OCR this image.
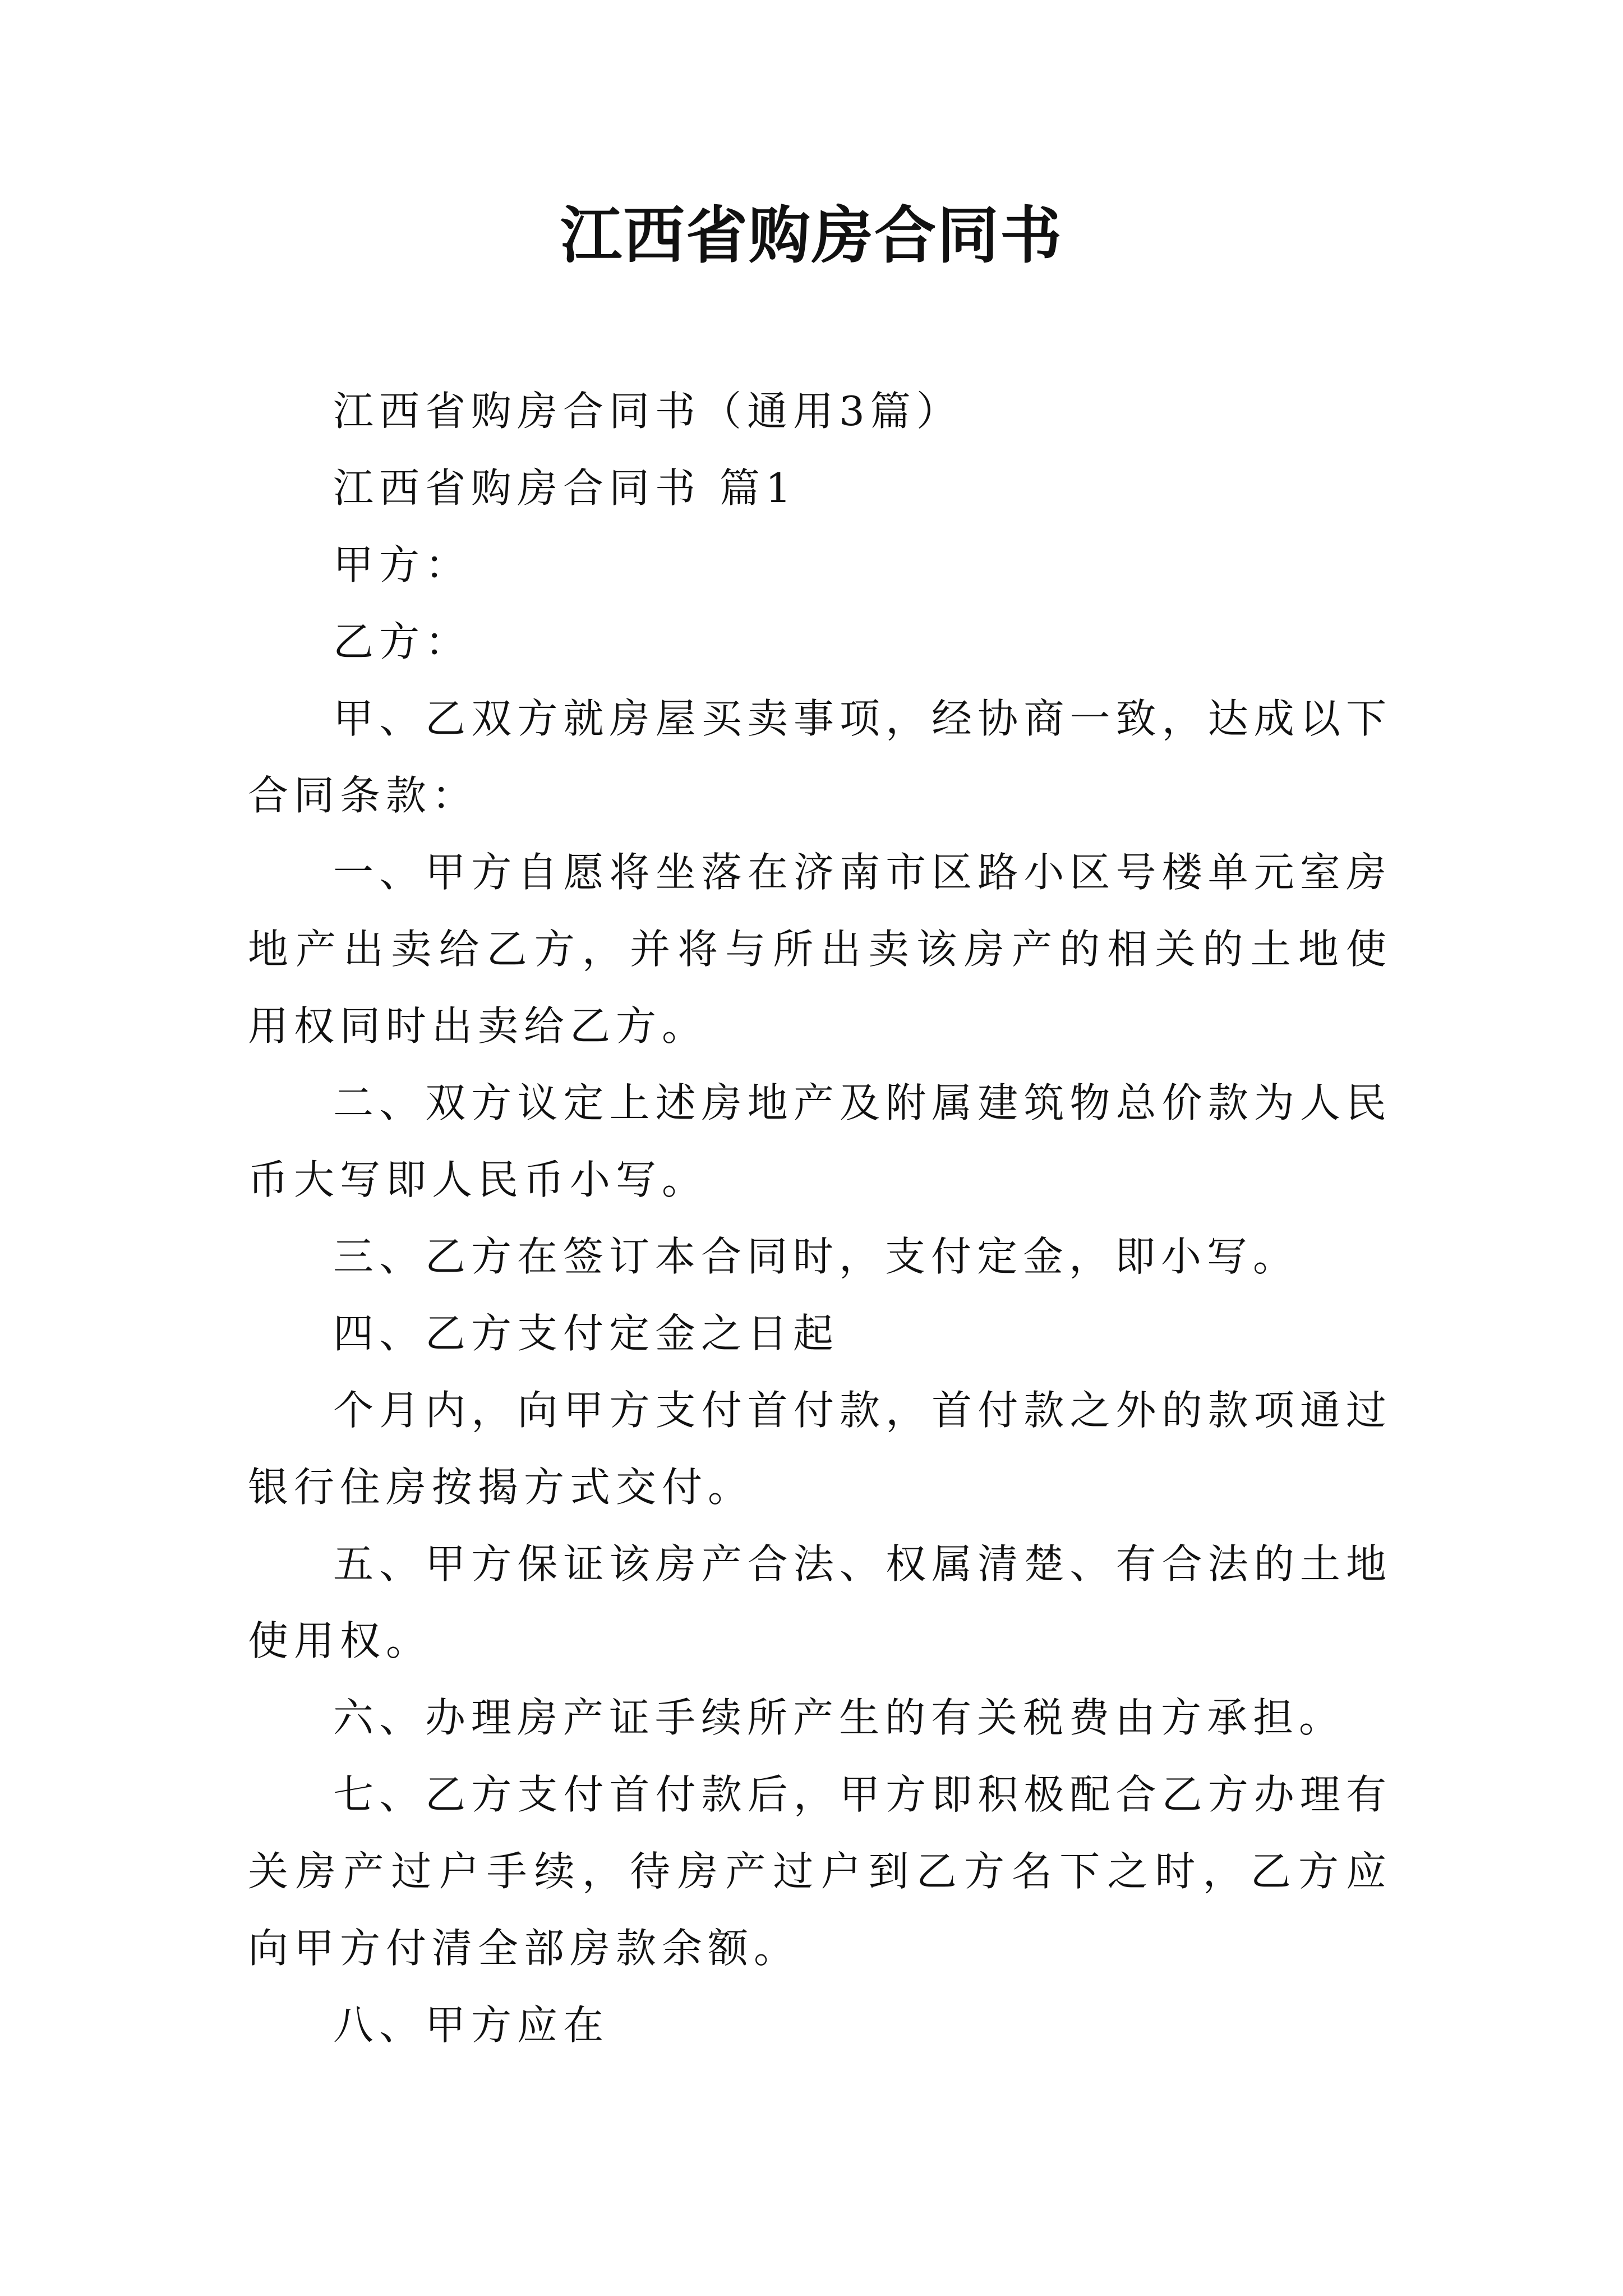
江西省购房合同书

江西省购房合同书（通用3篇）

江西省购房合同书 篇1

甲方：

乙方：

甲、乙双方就房屋买卖事项，经协商一致，达成以下合同条款：

一、甲方自愿将坐落在济南市区路小区号楼单元室房地产出卖给乙方，并将与所出卖该房产的相关的土地使用权同时出卖给乙方。

二、双方议定上述房地产及附属建筑物总价款为人民币大写即人民币小写。

三、乙方在签订本合同时，支付定金，即小写。

四、乙方支付定金之日起

个月内，向甲方支付首付款，首付款之外的款项通过银行住房按揭方式交付。

五、甲方保证该房产合法、权属清楚、有合法的土地使用权。

六、办理房产证手续所产生的有关税费由方承担。

七、乙方支付首付款后，甲方即积极配合乙方办理有关房产过户手续，待房产过户到乙方名下之时，乙方应向甲方付清全部房款余额。

八、甲方应在
